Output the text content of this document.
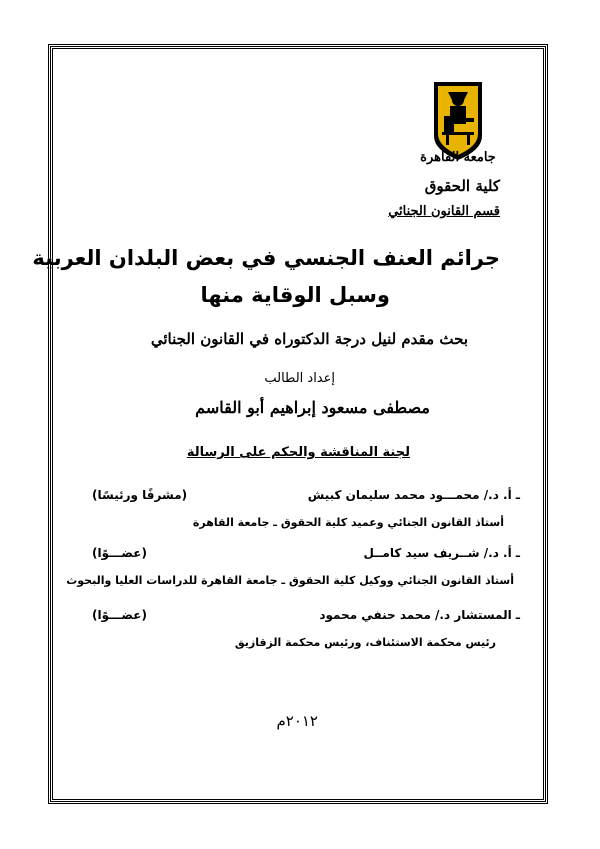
جامعة القاهرة
كلية الحقوق
قسم القانون الجنائي
جرائم العنف الجنسي في بعض البلدان العربية
وسبل الوقاية منها
بحث مقدم لنيل درجة الدكتوراه في القانون الجنائي
إعداد الطالب
مصطفى مسعود إبراهيم أبو القاسم
لجنة المناقشة والحكم على الرسالة
ـ أ. د./ محمـــود محمد سليمان كبيش
(مشرفًا ورئيسًا)
أستاذ القانون الجنائي وعميد كلية الحقوق ـ جامعة القاهرة
ـ أ. د./ شــريف سيد كامــل
(عضـــوًا)
أستاذ القانون الجنائي ووكيل كلية الحقوق ـ جامعة القاهرة للدراسات العليا والبحوث
ـ المستشار د./ محمد حنفي محمود
(عضـــوًا)
رئيس محكمة الاستئناف، ورئيس محكمة الزقازيق
٢٠١٢م
